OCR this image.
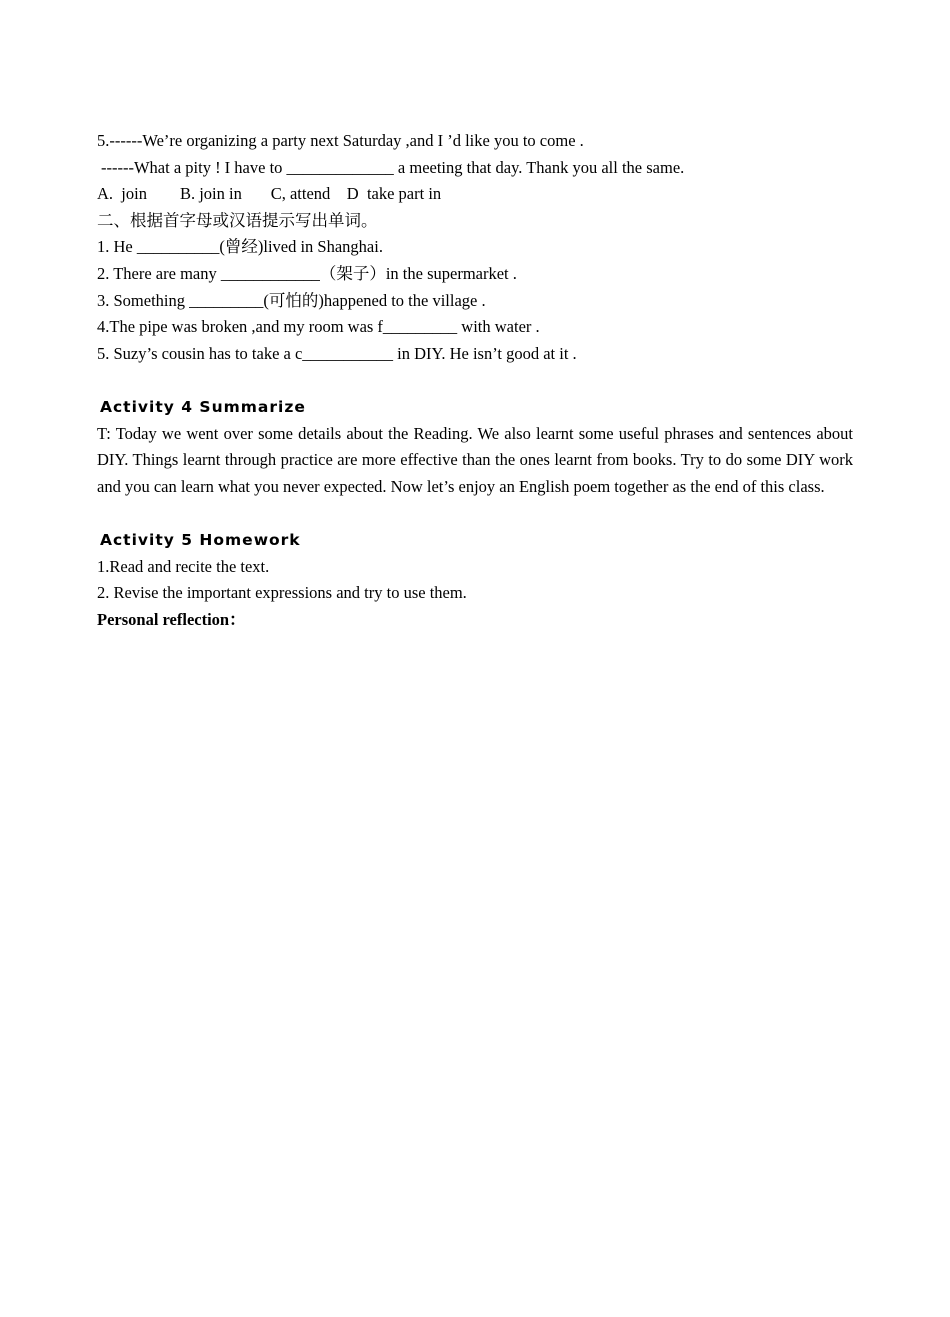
5.------We’re organizing a party next Saturday ,and I ’d like you to come .

------What a pity ! I have to _____________ a meeting that day. Thank you all the same.

A.  join        B. join in       C, attend    D  take part in

二、根据首字母或汉语提示写出单词。

1. He __________(曾经)lived in Shanghai.

2. There are many ____________（架子）in the supermarket .

3. Something _________(可怕的)happened to the village .

4.The pipe was broken ,and my room was f_________ with water .

5. Suzy’s cousin has to take a c___________ in DIY. He isn’t good at it .

Activity 4 Summarize

T: Today we went over some details about the Reading. We also learnt some useful phrases and sentences about DIY. Things learnt through practice are more effective than the ones learnt from books. Try to do some DIY work and you can learn what you never expected. Now let’s enjoy an English poem together as the end of this class.

Activity 5 Homework

1.Read and recite the text.

2. Revise the important expressions and try to use them.

Personal reflection：
